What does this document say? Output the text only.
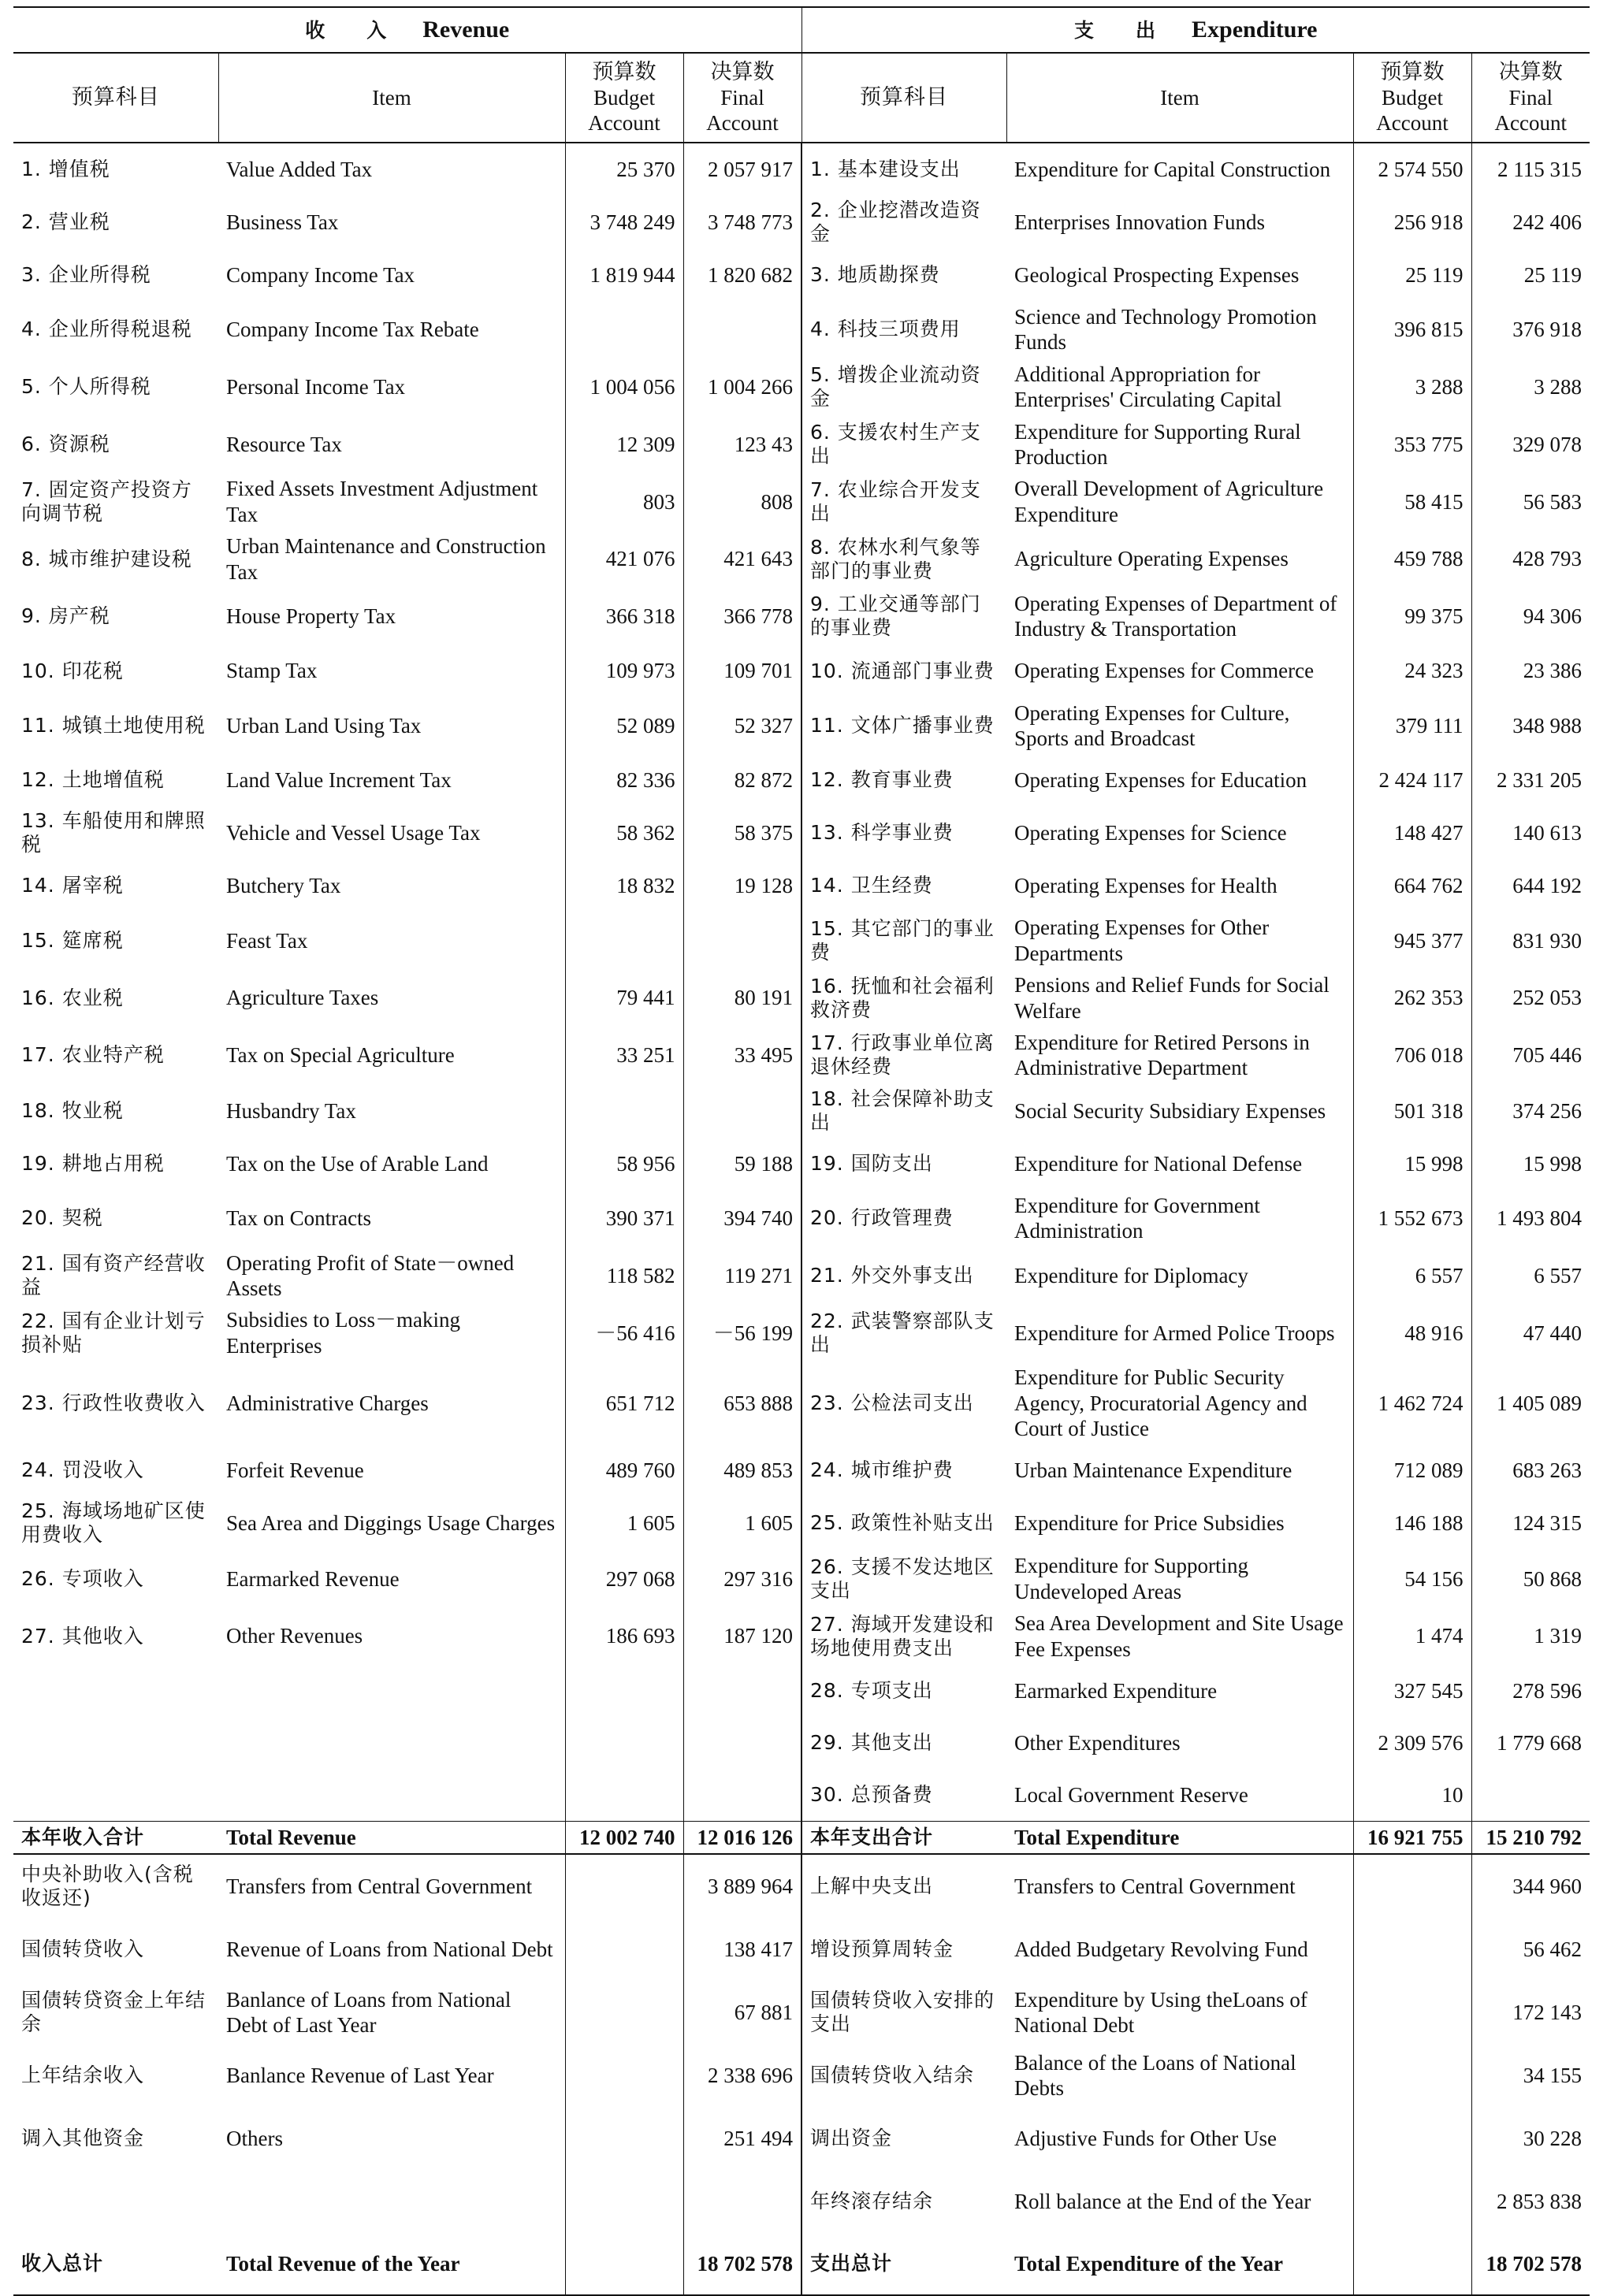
收　　入 Revenue				支　　出 Expenditure			
预算科目	Item	预算数 Budget Account	决算数 Final Account	预算科目	Item	预算数 Budget Account	决算数 Final Account
1. 增值税	Value Added Tax	25 370	2 057 917	1. 基本建设支出	Expenditure for Capital Construction	2 574 550	2 115 315
2. 营业税	Business Tax	3 748 249	3 748 773	2. 企业挖潜改造资金	Enterprises Innovation Funds	256 918	242 406
3. 企业所得税	Company Income Tax	1 819 944	1 820 682	3. 地质勘探费	Geological Prospecting Expenses	25 119	25 119
4. 企业所得税退税	Company Income Tax Rebate			4. 科技三项费用	Science and Technology Promotion Funds	396 815	376 918
5. 个人所得税	Personal Income Tax	1 004 056	1 004 266	5. 增拨企业流动资金	Additional Appropriation for Enterprises' Circulating Capital	3 288	3 288
6. 资源税	Resource Tax	12 309	123 43	6. 支援农村生产支出	Expenditure for Supporting Rural Production	353 775	329 078
7. 固定资产投资方向调节税	Fixed Assets Investment Adjustment Tax	803	808	7. 农业综合开发支出	Overall Development of Agriculture Expenditure	58 415	56 583
8. 城市维护建设税	Urban Maintenance and Construction Tax	421 076	421 643	8. 农林水利气象等部门的事业费	Agriculture Operating Expenses	459 788	428 793
9. 房产税	House Property Tax	366 318	366 778	9. 工业交通等部门的事业费	Operating Expenses of Department of Industry & Transportation	99 375	94 306
10. 印花税	Stamp Tax	109 973	109 701	10. 流通部门事业费	Operating Expenses for Commerce	24 323	23 386
11. 城镇土地使用税	Urban Land Using Tax	52 089	52 327	11. 文体广播事业费	Operating Expenses for Culture, Sports and Broadcast	379 111	348 988
12. 土地增值税	Land Value Increment Tax	82 336	82 872	12. 教育事业费	Operating Expenses for Education	2 424 117	2 331 205
13. 车船使用和牌照税	Vehicle and Vessel Usage Tax	58 362	58 375	13. 科学事业费	Operating Expenses for Science	148 427	140 613
14. 屠宰税	Butchery Tax	18 832	19 128	14. 卫生经费	Operating Expenses for Health	664 762	644 192
15. 筵席税	Feast Tax			15. 其它部门的事业费	Operating Expenses for Other Departments	945 377	831 930
16. 农业税	Agriculture Taxes	79 441	80 191	16. 抚恤和社会福利救济费	Pensions and Relief Funds for Social Welfare	262 353	252 053
17. 农业特产税	Tax on Special Agriculture	33 251	33 495	17. 行政事业单位离退休经费	Expenditure for Retired Persons in Administrative Department	706 018	705 446
18. 牧业税	Husbandry Tax			18. 社会保障补助支出	Social Security Subsidiary Expenses	501 318	374 256
19. 耕地占用税	Tax on the Use of Arable Land	58 956	59 188	19. 国防支出	Expenditure for National Defense	15 998	15 998
20. 契税	Tax on Contracts	390 371	394 740	20. 行政管理费	Expenditure for Government Administration	1 552 673	1 493 804
21. 国有资产经营收益	Operating Profit of State－owned Assets	118 582	119 271	21. 外交外事支出	Expenditure for Diplomacy	6 557	6 557
22. 国有企业计划亏损补贴	Subsidies to Loss－making Enterprises	－56 416	－56 199	22. 武装警察部队支出	Expenditure for Armed Police Troops	48 916	47 440
23. 行政性收费收入	Administrative Charges	651 712	653 888	23. 公检法司支出	Expenditure for Public Security Agency, Procuratorial Agency and Court of Justice	1 462 724	1 405 089
24. 罚没收入	Forfeit Revenue	489 760	489 853	24. 城市维护费	Urban Maintenance Expenditure	712 089	683 263
25. 海域场地矿区使用费收入	Sea Area and Diggings Usage Charges	1 605	1 605	25. 政策性补贴支出	Expenditure for Price Subsidies	146 188	124 315
26. 专项收入	Earmarked Revenue	297 068	297 316	26. 支援不发达地区支出	Expenditure for Supporting Undeveloped Areas	54 156	50 868
27. 其他收入	Other Revenues	186 693	187 120	27. 海域开发建设和场地使用费支出	Sea Area Development and Site Usage Fee Expenses	1 474	1 319
				28. 专项支出	Earmarked Expenditure	327 545	278 596
				29. 其他支出	Other Expenditures	2 309 576	1 779 668
				30. 总预备费	Local Government Reserve	10	
本年收入合计	Total Revenue	12 002 740	12 016 126	本年支出合计	Total Expenditure	16 921 755	15 210 792
中央补助收入(含税收返还)	Transfers from Central Government		3 889 964	上解中央支出	Transfers to Central Government		344 960
国债转贷收入	Revenue of Loans from National Debt		138 417	增设预算周转金	Added Budgetary Revolving Fund		56 462
国债转贷资金上年结余	Banlance of Loans from National Debt of Last Year		67 881	国债转贷收入安排的支出	Expenditure by Using theLoans of National Debt		172 143
上年结余收入	Banlance Revenue of Last Year		2 338 696	国债转贷收入结余	Balance of the Loans of National Debts		34 155
调入其他资金	Others		251 494	调出资金	Adjustive Funds for Other Use		30 228
				年终滚存结余	Roll balance at the End of the Year		2 853 838
收入总计	Total Revenue of the Year		18 702 578	支出总计	Total Expenditure of the Year		18 702 578
